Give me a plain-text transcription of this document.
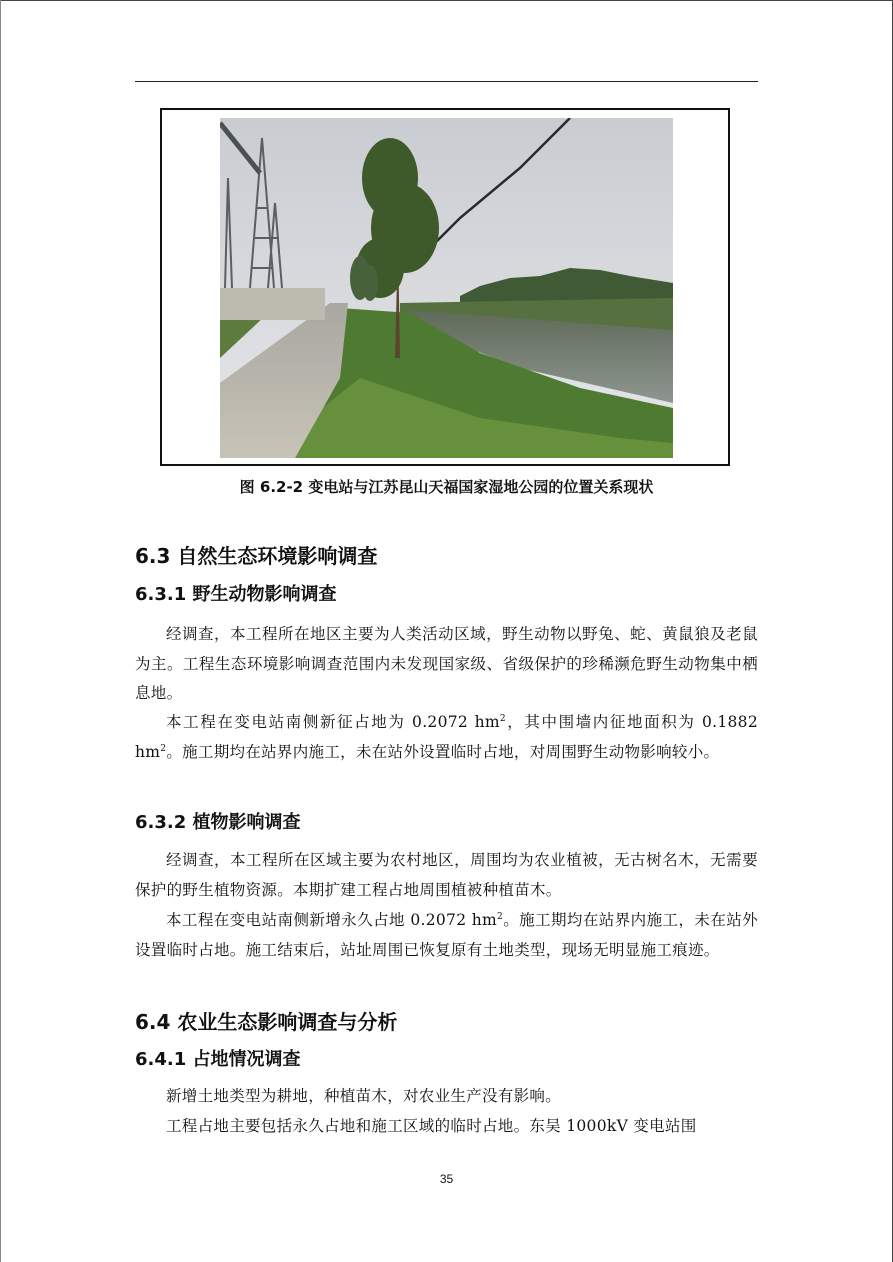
图 6.2-2 变电站与江苏昆山天福国家湿地公园的位置关系现状
6.3 自然生态环境影响调查
6.3.1 野生动物影响调查
经调查，本工程所在地区主要为人类活动区域，野生动物以野兔、蛇、黄鼠狼及老鼠为主。工程生态环境影响调查范围内未发现国家级、省级保护的珍稀濒危野生动物集中栖息地。
本工程在变电站南侧新征占地为 0.2072 $hm^2$，其中围墙内征地面积为 0.1882 $hm^2$。施工期均在站界内施工，未在站外设置临时占地，对周围野生动物影响较小。
6.3.2 植物影响调查
经调查，本工程所在区域主要为农村地区，周围均为农业植被，无古树名木，无需要保护的野生植物资源。本期扩建工程占地周围植被种植苗木。
本工程在变电站南侧新增永久占地 0.2072 $hm^2$。施工期均在站界内施工，未在站外设置临时占地。施工结束后，站址周围已恢复原有土地类型，现场无明显施工痕迹。
6.4 农业生态影响调查与分析
6.4.1 占地情况调查
新增土地类型为耕地，种植苗木，对农业生产没有影响。
工程占地主要包括永久占地和施工区域的临时占地。东吴 1000kV 变电站围
35
